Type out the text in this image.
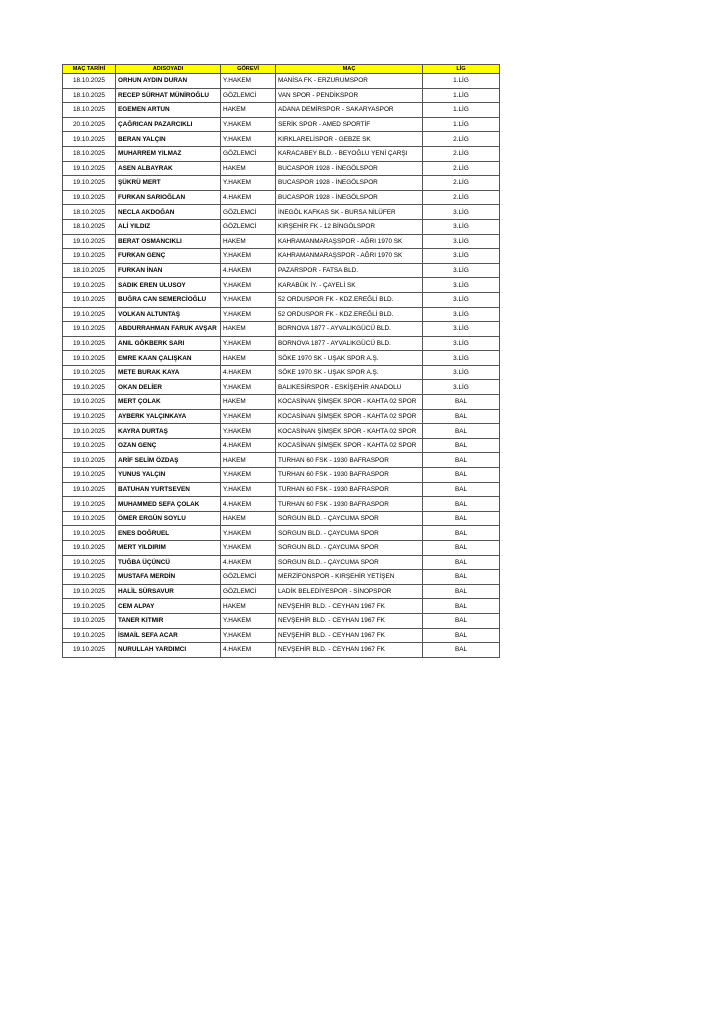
MAÇ TARİHİ	ADISOYADI	GÖREVİ	MAÇ	LİG
18.10.2025	ORHUN AYDIN DURAN	Y.HAKEM	MANİSA FK - ERZURUMSPOR	1.LİG
18.10.2025	RECEP SÜRHAT MÜNİROĞLU	GÖZLEMCİ	VAN SPOR - PENDİKSPOR	1.LİG
18.10.2025	EGEMEN ARTUN	HAKEM	ADANA DEMİRSPOR - SAKARYASPOR	1.LİG
20.10.2025	ÇAĞRICAN PAZARCIKLI	Y.HAKEM	SERİK SPOR - AMED SPORTİF	1.LİG
19.10.2025	BERAN YALÇIN	Y.HAKEM	KIRKLARELİSPOR - GEBZE SK	2.LİG
18.10.2025	MUHARREM YILMAZ	GÖZLEMCİ	KARACABEY BLD. - BEYOĞLU YENİ ÇARŞI	2.LİG
19.10.2025	ASEN ALBAYRAK	HAKEM	BUCASPOR 1928 - İNEGÖLSPOR	2.LİG
19.10.2025	ŞÜKRÜ MERT	Y.HAKEM	BUCASPOR 1928 - İNEGÖLSPOR	2.LİG
19.10.2025	FURKAN SARIOĞLAN	4.HAKEM	BUCASPOR 1928 - İNEGÖLSPOR	2.LİG
18.10.2025	NECLA AKDOĞAN	GÖZLEMCİ	İNEGÖL KAFKAS SK - BURSA NİLÜFER	3.LİG
18.10.2025	ALİ YILDIZ	GÖZLEMCİ	KIRŞEHİR FK - 12 BİNGÖLSPOR	3.LİG
19.10.2025	BERAT OSMANCIKLI	HAKEM	KAHRAMANMARAŞSPOR - AĞRI 1970 SK	3.LİG
19.10.2025	FURKAN GENÇ	Y.HAKEM	KAHRAMANMARAŞSPOR - AĞRI 1970 SK	3.LİG
18.10.2025	FURKAN İNAN	4.HAKEM	PAZARSPOR - FATSA BLD.	3.LİG
19.10.2025	SADIK EREN ULUSOY	Y.HAKEM	KARABÜK İY. - ÇAYELİ SK	3.LİG
19.10.2025	BUĞRA CAN SEMERCİOĞLU	Y.HAKEM	52 ORDUSPOR FK - KDZ.EREĞLİ BLD.	3.LİG
19.10.2025	VOLKAN ALTUNTAŞ	Y.HAKEM	52 ORDUSPOR FK - KDZ.EREĞLİ BLD.	3.LİG
19.10.2025	ABDURRAHMAN FARUK AVŞAR	HAKEM	BORNOVA 1877 - AYVALIKGÜCÜ BLD.	3.LİG
19.10.2025	ANIL GÖKBERK SARI	Y.HAKEM	BORNOVA 1877 - AYVALIKGÜCÜ BLD.	3.LİG
19.10.2025	EMRE KAAN ÇALIŞKAN	HAKEM	SÖKE 1970 SK - UŞAK SPOR A.Ş.	3.LİG
19.10.2025	METE BURAK KAYA	4.HAKEM	SÖKE 1970 SK - UŞAK SPOR A.Ş.	3.LİG
19.10.2025	OKAN DELİER	Y.HAKEM	BALIKESİRSPOR - ESKİŞEHİR ANADOLU	3.LİG
19.10.2025	MERT ÇOLAK	HAKEM	KOCASİNAN ŞİMŞEK SPOR - KAHTA 02 SPOR	BAL
19.10.2025	AYBERK YALÇINKAYA	Y.HAKEM	KOCASİNAN ŞİMŞEK SPOR - KAHTA 02 SPOR	BAL
19.10.2025	KAYRA DURTAŞ	Y.HAKEM	KOCASİNAN ŞİMŞEK SPOR - KAHTA 02 SPOR	BAL
19.10.2025	OZAN GENÇ	4.HAKEM	KOCASİNAN ŞİMŞEK SPOR - KAHTA 02 SPOR	BAL
19.10.2025	ARİF SELİM ÖZDAŞ	HAKEM	TURHAN 60 FSK - 1930 BAFRASPOR	BAL
19.10.2025	YUNUS YALÇIN	Y.HAKEM	TURHAN 60 FSK - 1930 BAFRASPOR	BAL
19.10.2025	BATUHAN YURTSEVEN	Y.HAKEM	TURHAN 60 FSK - 1930 BAFRASPOR	BAL
19.10.2025	MUHAMMED SEFA ÇOLAK	4.HAKEM	TURHAN 60 FSK - 1930 BAFRASPOR	BAL
19.10.2025	ÖMER ERGÜN SOYLU	HAKEM	SORGUN BLD. - ÇAYCUMA SPOR	BAL
19.10.2025	ENES DOĞRUEL	Y.HAKEM	SORGUN BLD. - ÇAYCUMA SPOR	BAL
19.10.2025	MERT YILDIRIM	Y.HAKEM	SORGUN BLD. - ÇAYCUMA SPOR	BAL
19.10.2025	TUĞBA ÜÇÜNCÜ	4.HAKEM	SORGUN BLD. - ÇAYCUMA SPOR	BAL
19.10.2025	MUSTAFA MERDİN	GÖZLEMCİ	MERZİFONSPOR - KIRŞEHİR YETİŞEN	BAL
19.10.2025	HALİL SÜRSAVUR	GÖZLEMCİ	LADİK BELEDİYESPOR - SİNOPSPOR	BAL
19.10.2025	CEM ALPAY	HAKEM	NEVŞEHİR BLD. - CEYHAN 1967 FK	BAL
19.10.2025	TANER KITMIR	Y.HAKEM	NEVŞEHİR BLD. - CEYHAN 1967 FK	BAL
19.10.2025	İSMAİL SEFA ACAR	Y.HAKEM	NEVŞEHİR BLD. - CEYHAN 1967 FK	BAL
19.10.2025	NURULLAH YARDIMCI	4.HAKEM	NEVŞEHİR BLD. - CEYHAN 1967 FK	BAL
